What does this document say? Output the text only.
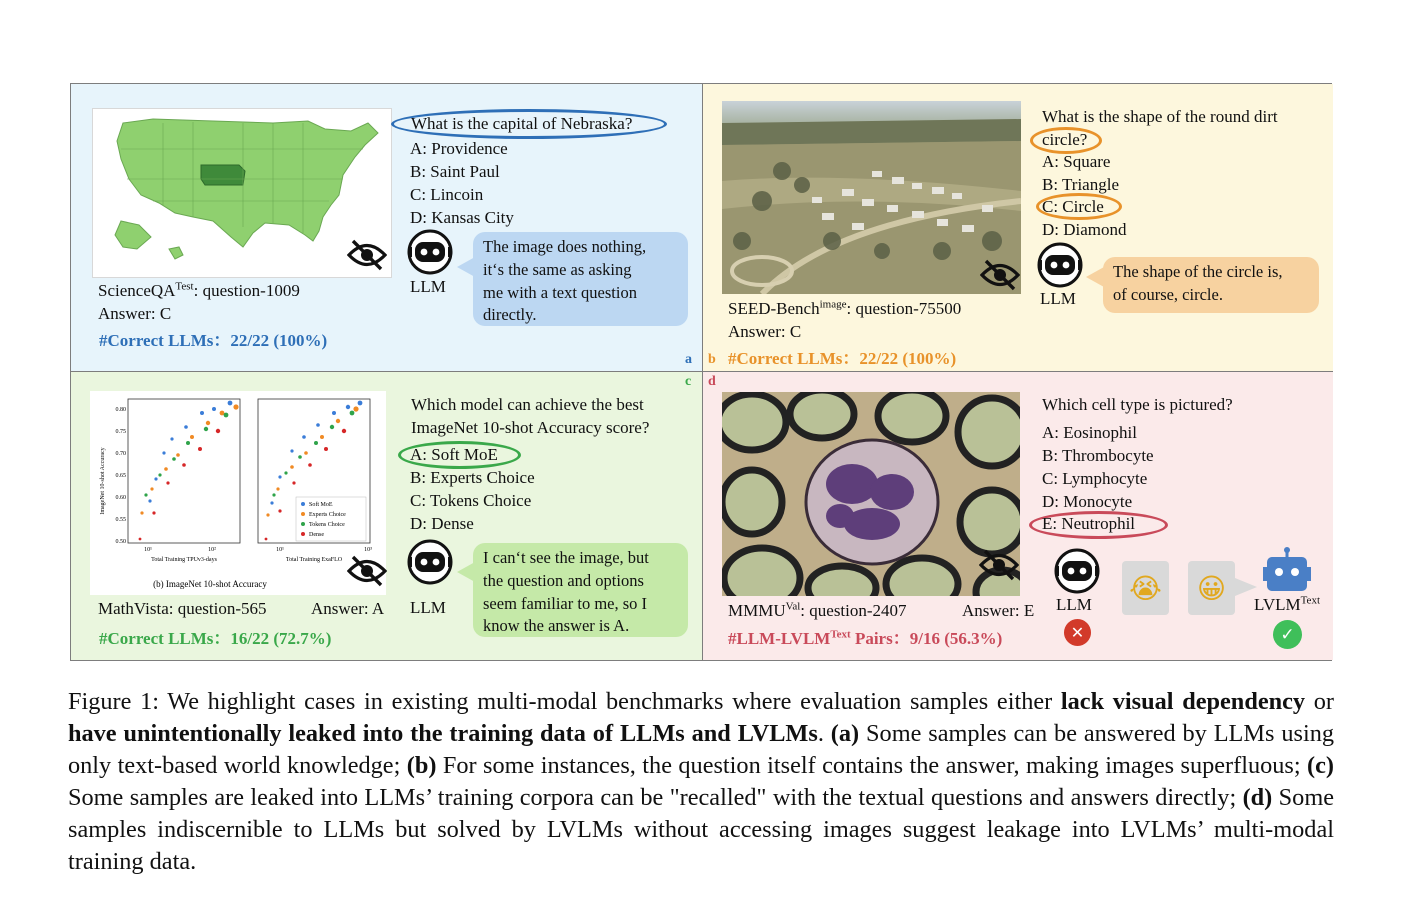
ScienceQA$^{Test}$: question-1009
Answer: C
#Correct LLMs：22/22 (100%)
What is the capital of Nebraska?
A: Providence
B: Saint Paul
C: Lincoin
D: Kansas City
LLM
The image does nothing,
it‘s the same as asking
me with a text question
directly.
a
SEED-Bench$^{image}$: question-75500
Answer: C
#Correct LLMs：22/22 (100%)
What is the shape of the round dirt
circle?
A: Square
B: Triangle
C: Circle
D: Diamond
LLM
The shape of the circle is,
of course, circle.
b
ImageNet 10-shot Accuracy
0.80
0.75
0.70
0.65
0.60
0.55
0.50
10¹	10²	10¹	10³
Total Training TPUv3-days	Total Training ExaFLO
Soft MoE
Experts Choice
Tokens Choice
Dense
(b) ImageNet 10-shot Accuracy
MathVista: question-565	Answer: A
#Correct LLMs：16/22 (72.7%)
Which model can achieve the best
ImageNet 10-shot Accuracy score?
A: Soft MoE
B: Experts Choice
C: Tokens Choice
D: Dense
LLM
I can‘t see the image, but
the question and options
seem familiar to me, so I
know the answer is A.
c
$MMMU^{Val}$: question-2407	Answer: E
$\#LLM-LVLM^{Text}$ Pairs：9/16 (56.3%)
Which cell type is pictured?
A: Eosinophil
B: Thrombocyte
C: Lymphocyte
D: Monocyte
E: Neutrophil
LLM
✕
😭 😀 $LVLM^{Text}$
✓
d
Figure 1: We highlight cases in existing multi-modal benchmarks where evaluation samples either lack visual dependency or have unintentionally leaked into the training data of LLMs and LVLMs. (a) Some samples can be answered by LLMs using only text-based world knowledge; (b) For some instances, the question itself contains the answer, making images superfluous; (c) Some samples are leaked into LLMs’ training corpora can be "recalled" with the textual questions and answers directly; (d) Some samples indiscernible to LLMs but solved by LVLMs without accessing images suggest leakage into LVLMs’ multi-modal training data.
